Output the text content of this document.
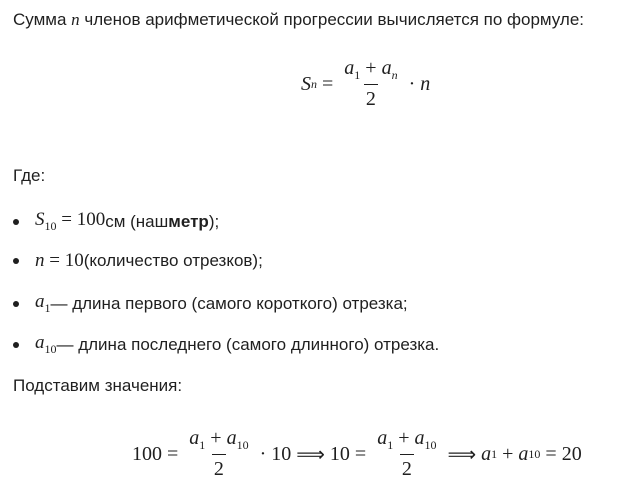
Сумма n членов арифметической прогрессии вычисляется по формуле:
S $n = \frac{a_1 + a_n}{2} \cdot n$
Где:
$S_{10} = 100$ см (наш метр );
n = 10 (количество отрезков);
$a_1$ — длина первого (самого короткого) отрезка;
$a_{10}$ — длина последнего (самого длинного) отрезка.
Подставим значения:
$100 = \frac{a_1 + a_{10}}{2} \cdot 10$ ⟹ $10 = \frac{a_1 + a_{10}}{2}$ ⟹ a 1 + a 10 = 20
